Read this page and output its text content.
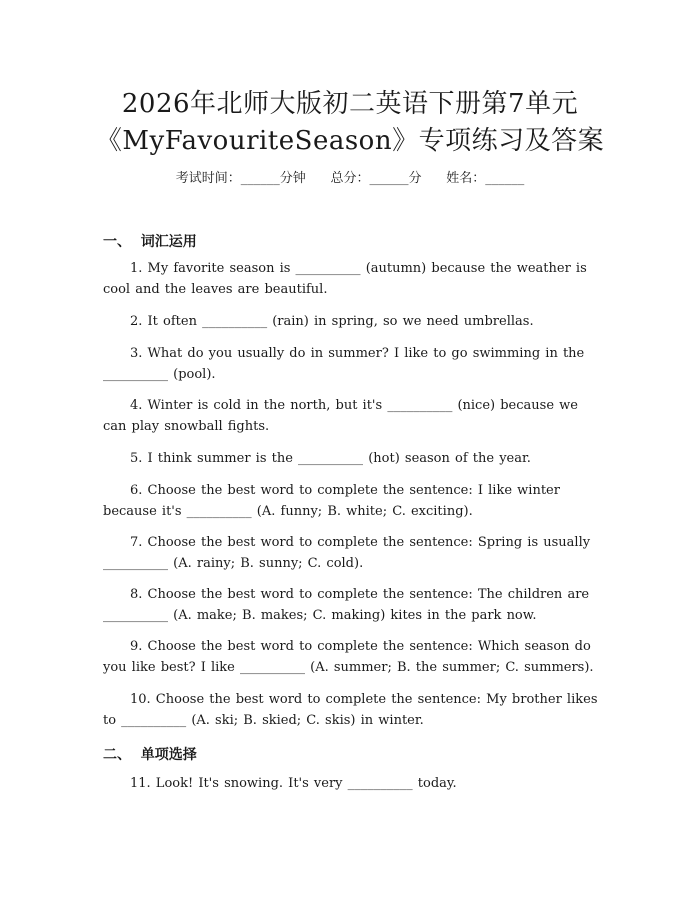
2026年北师大版初二英语下册第7单元
《MyFavouriteSeason》专项练习及答案
考试时间：______分钟      总分：______分      姓名：______
一、  词汇运用
1. My favorite season is __________ (autumn) because the weather is cool and the leaves are beautiful.
2. It often __________ (rain) in spring, so we need umbrellas.
3. What do you usually do in summer? I like to go swimming in the __________ (pool).
4. Winter is cold in the north, but it's __________ (nice) because we can play snowball fights.
5. I think summer is the __________ (hot) season of the year.
6. Choose the best word to complete the sentence: I like winter because it's __________ (A. funny; B. white; C. exciting).
7. Choose the best word to complete the sentence: Spring is usually __________ (A. rainy; B. sunny; C. cold).
8. Choose the best word to complete the sentence: The children are __________ (A. make; B. makes; C. making) kites in the park now.
9. Choose the best word to complete the sentence: Which season do you like best? I like __________ (A. summer; B. the summer; C. summers).
10. Choose the best word to complete the sentence: My brother likes to __________ (A. ski; B. skied; C. skis) in winter.
二、  单项选择
11. Look! It's snowing. It's very __________ today.
